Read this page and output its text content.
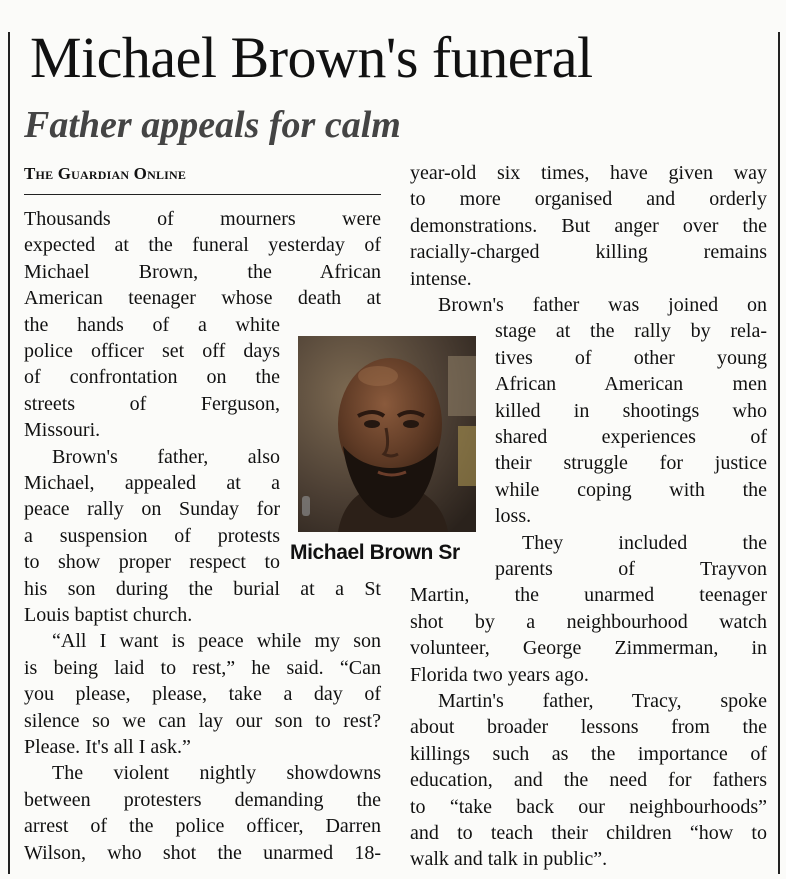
Michael Brown's funeral
Father appeals for calm
The Guardian Online
Thousands of mourners were
expected at the funeral yesterday of
Michael Brown, the African
American teenager whose death at
the hands of a white
police officer set off days
of confrontation on the
streets of Ferguson,
Missouri.
Brown's father, also
Michael, appealed at a
peace rally on Sunday for
a suspension of protests
to show proper respect to
his son during the burial at a St
Louis baptist church.
“All I want is peace while my son
is being laid to rest,” he said. “Can
you please, please, take a day of
silence so we can lay our son to rest?
Please. It's all I ask.”
The violent nightly showdowns
between protesters demanding the
arrest of the police officer, Darren
Wilson, who shot the unarmed 18-
year-old six times, have given way
to more organised and orderly
demonstrations. But anger over the
racially-charged killing remains
intense.
Brown's father was joined on
stage at the rally by rela-
tives of other young
African American men
killed in shootings who
shared experiences of
their struggle for justice
while coping with the
loss.
They included the
parents of Trayvon
Martin, the unarmed teenager
shot by a neighbourhood watch
volunteer, George Zimmerman, in
Florida two years ago.
Martin's father, Tracy, spoke
about broader lessons from the
killings such as the importance of
education, and the need for fathers
to “take back our neighbourhoods”
and to teach their children “how to
walk and talk in public”.
Michael Brown Sr
